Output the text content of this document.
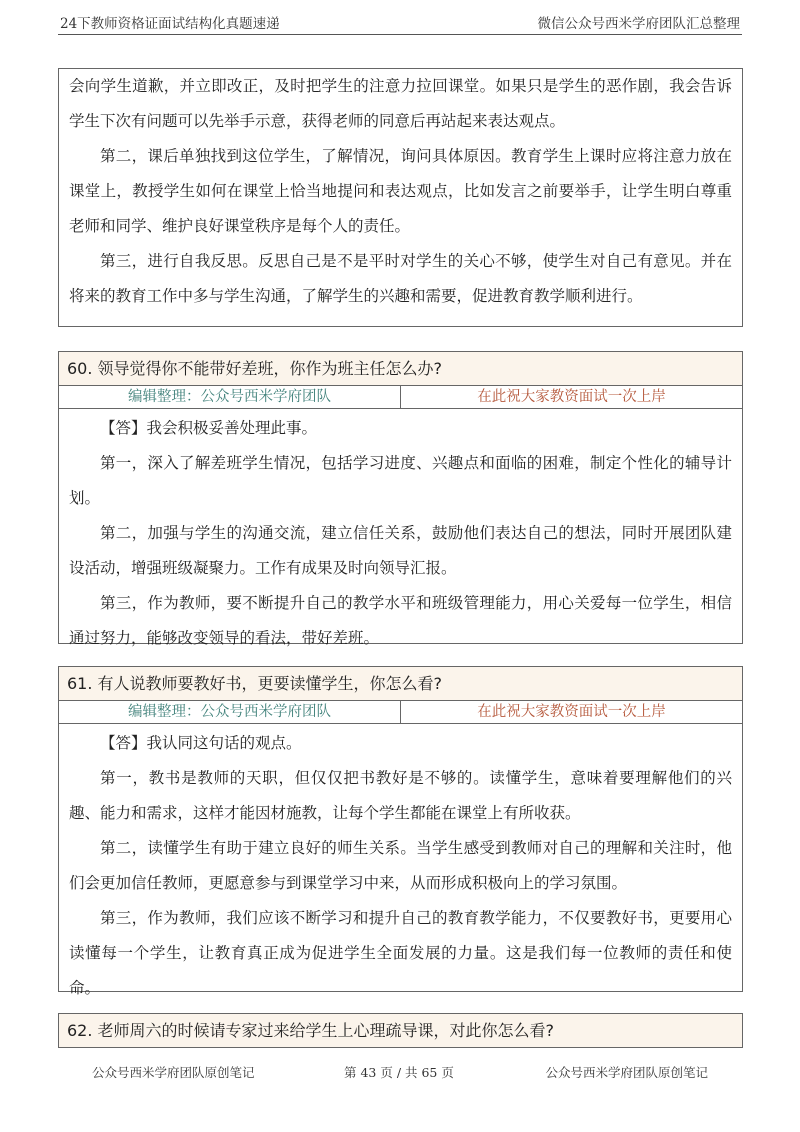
24下教师资格证面试结构化真题速递	微信公众号西米学府团队汇总整理

会向学生道歉，并立即改正，及时把学生的注意力拉回课堂。如果只是学生的恶作剧，我会告诉学生下次有问题可以先举手示意，获得老师的同意后再站起来表达观点。

第二，课后单独找到这位学生，了解情况，询问具体原因。教育学生上课时应将注意力放在课堂上，教授学生如何在课堂上恰当地提问和表达观点，比如发言之前要举手，让学生明白尊重老师和同学、维护良好课堂秩序是每个人的责任。

第三，进行自我反思。反思自己是不是平时对学生的关心不够，使学生对自己有意见。并在将来的教育工作中多与学生沟通，了解学生的兴趣和需要，促进教育教学顺利进行。

60. 领导觉得你不能带好差班，你作为班主任怎么办?
编辑整理：公众号西米学府团队	在此祝大家教资面试一次上岸

【答】我会积极妥善处理此事。

第一，深入了解差班学生情况，包括学习进度、兴趣点和面临的困难，制定个性化的辅导计划。

第二，加强与学生的沟通交流，建立信任关系，鼓励他们表达自己的想法，同时开展团队建设活动，增强班级凝聚力。工作有成果及时向领导汇报。

第三，作为教师，要不断提升自己的教学水平和班级管理能力，用心关爱每一位学生，相信通过努力，能够改变领导的看法，带好差班。

61. 有人说教师要教好书，更要读懂学生，你怎么看?
编辑整理：公众号西米学府团队	在此祝大家教资面试一次上岸

【答】我认同这句话的观点。

第一，教书是教师的天职，但仅仅把书教好是不够的。读懂学生，意味着要理解他们的兴趣、能力和需求，这样才能因材施教，让每个学生都能在课堂上有所收获。

第二，读懂学生有助于建立良好的师生关系。当学生感受到教师对自己的理解和关注时，他们会更加信任教师，更愿意参与到课堂学习中来，从而形成积极向上的学习氛围。

第三，作为教师，我们应该不断学习和提升自己的教育教学能力，不仅要教好书，更要用心读懂每一个学生，让教育真正成为促进学生全面发展的力量。这是我们每一位教师的责任和使命。

62. 老师周六的时候请专家过来给学生上心理疏导课，对此你怎么看?
公众号西米学府团队原创笔记	第 43 页 / 共 65 页	公众号西米学府团队原创笔记
